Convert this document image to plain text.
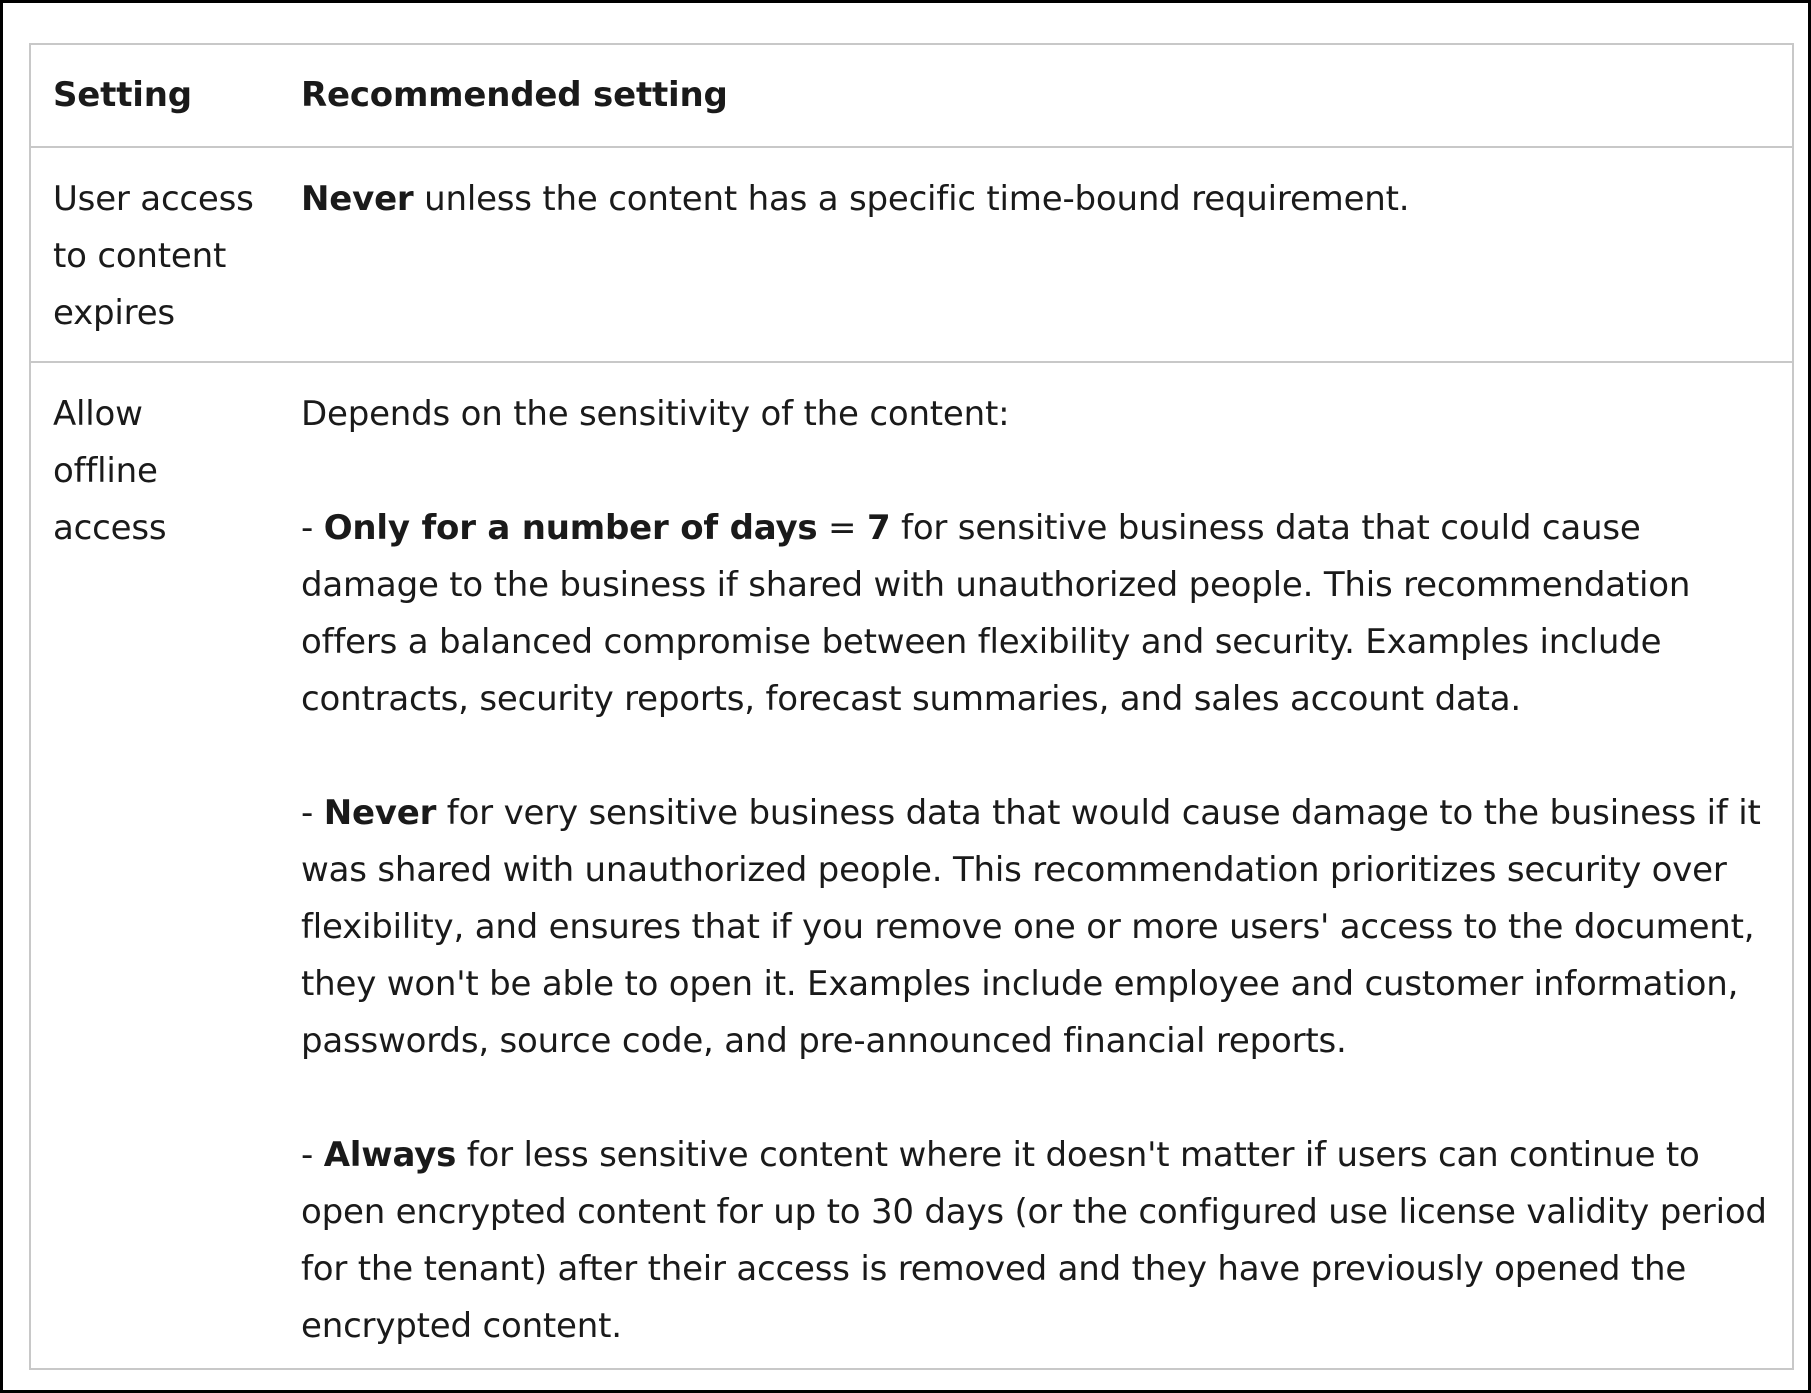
Setting	Recommended setting
User access to content expires
Never unless the content has a specific time-bound requirement.
Allow offline access

Depends on the sensitivity of the content:

- Only for a number of days = 7 for sensitive business data that could cause damage to the business if shared with unauthorized people. This recommendation offers a balanced compromise between flexibility and security. Examples include contracts, security reports, forecast summaries, and sales account data.

- Never for very sensitive business data that would cause damage to the business if it was shared with unauthorized people. This recommendation prioritizes security over flexibility, and ensures that if you remove one or more users' access to the document, they won't be able to open it. Examples include employee and customer information, passwords, source code, and pre-announced financial reports.

- Always for less sensitive content where it doesn't matter if users can continue to open encrypted content for up to 30 days (or the configured use license validity period for the tenant) after their access is removed and they have previously opened the encrypted content.
